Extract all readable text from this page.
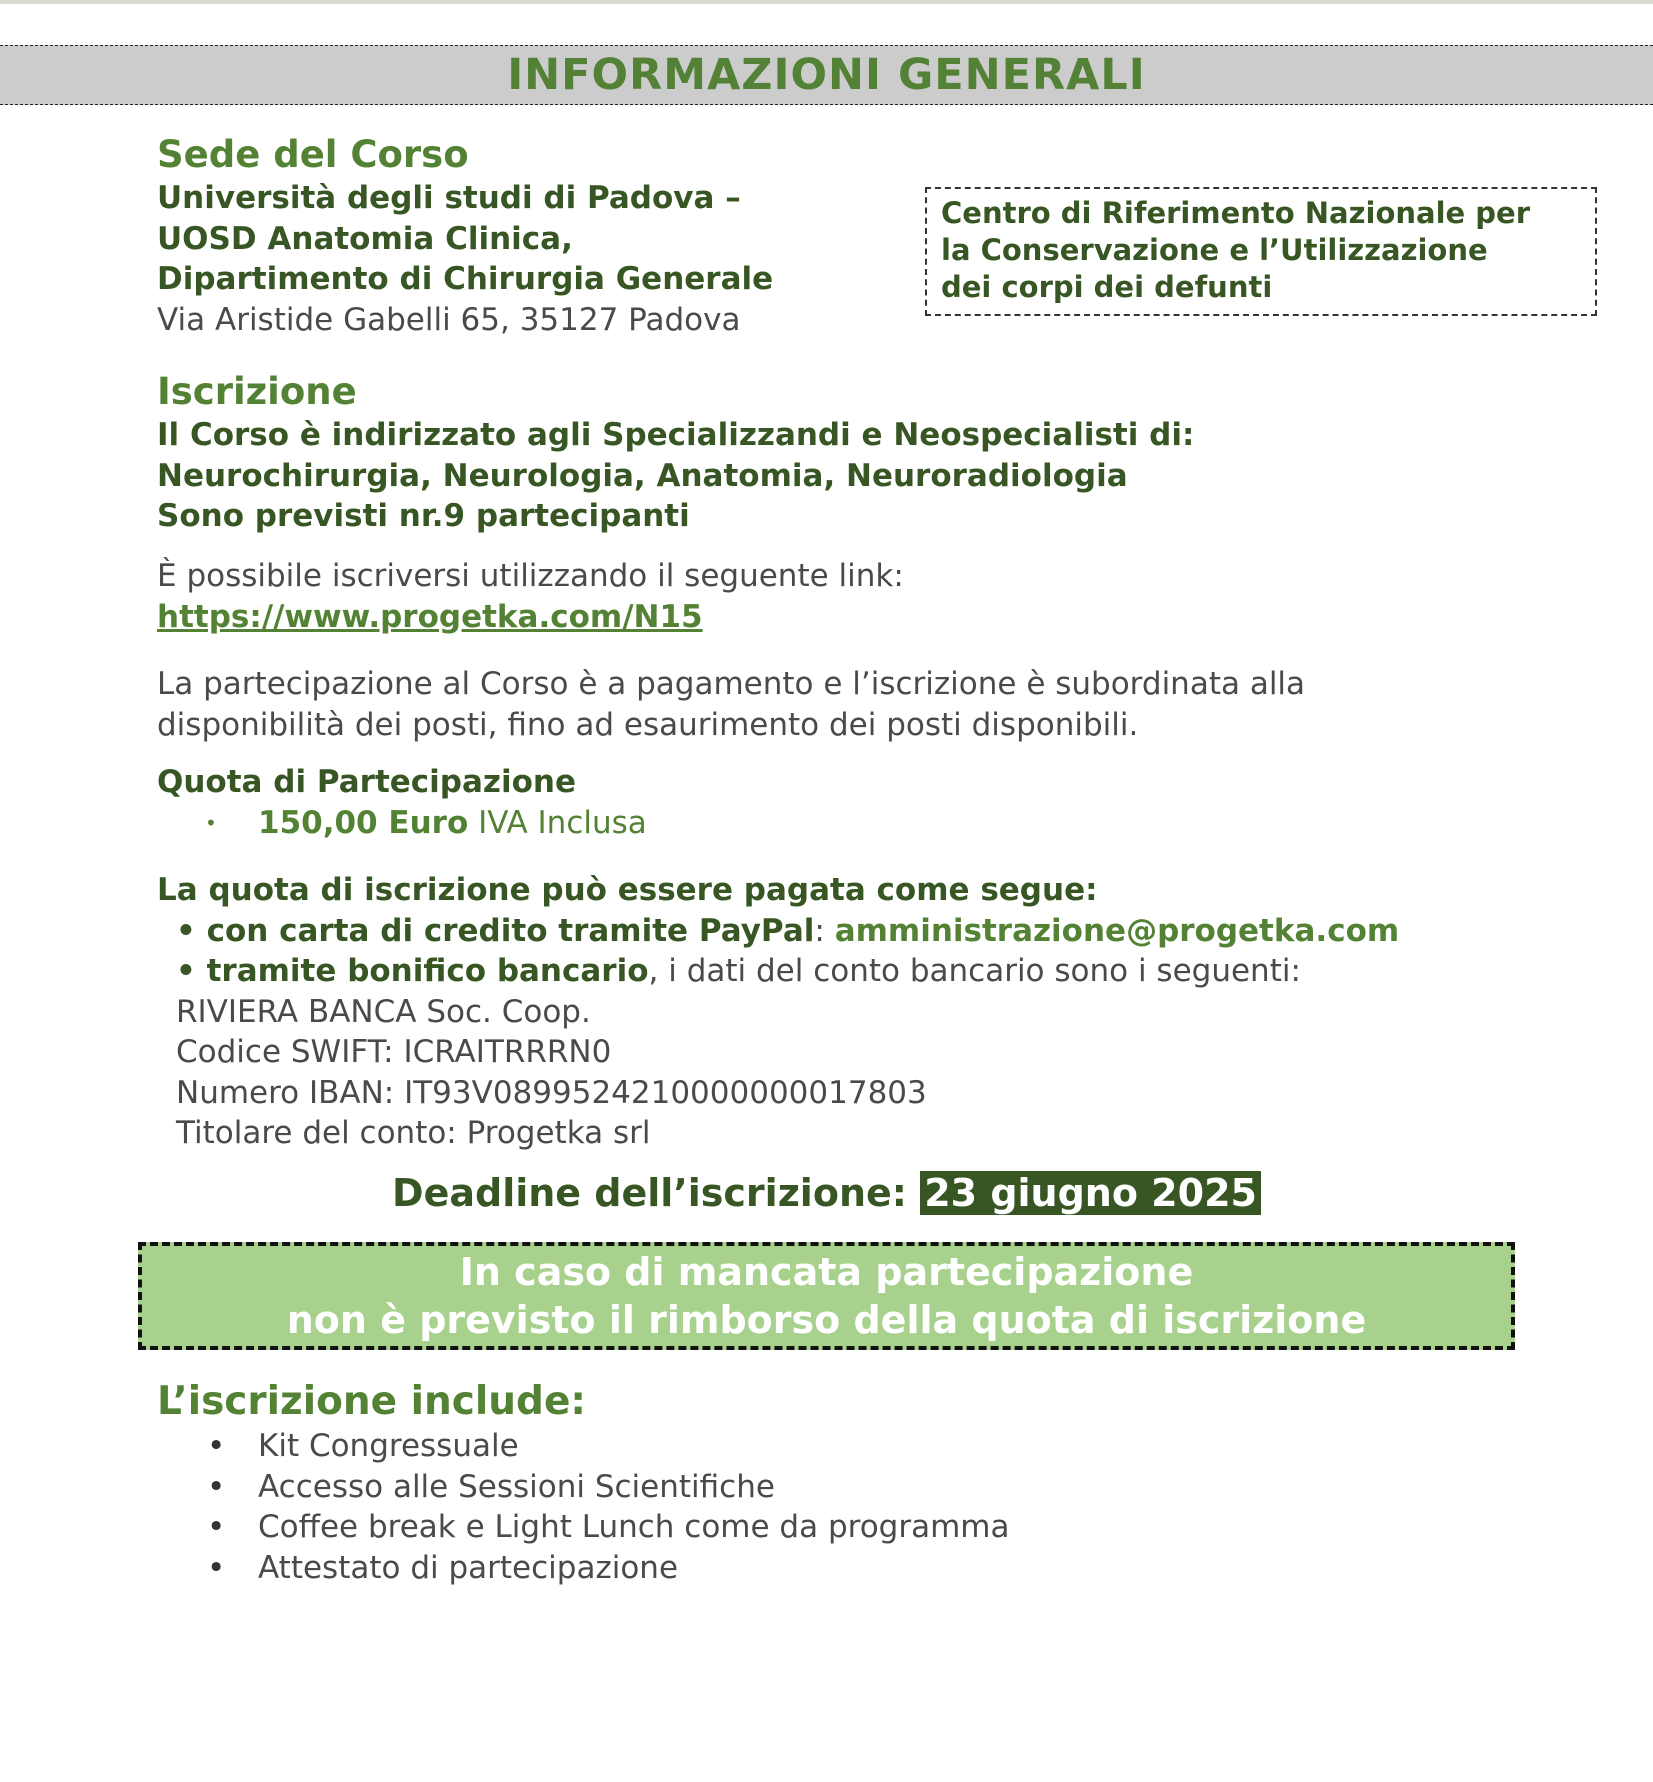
INFORMAZIONI GENERALI
Sede del Corso
Università degli studi di Padova –
UOSD Anatomia Clinica,
Dipartimento di Chirurgia Generale
Via Aristide Gabelli 65, 35127 Padova
Centro di Riferimento Nazionale per
la Conservazione e l’Utilizzazione
dei corpi dei defunti
Iscrizione
Il Corso è indirizzato agli Specializzandi e Neospecialisti di:
Neurochirurgia, Neurologia, Anatomia, Neuroradiologia
Sono previsti nr.9 partecipanti
È possibile iscriversi utilizzando il seguente link:
https://www.progetka.com/N15
La partecipazione al Corso è a pagamento e l’iscrizione è subordinata alla
disponibilità dei posti, fino ad esaurimento dei posti disponibili.
Quota di Partecipazione
• 150,00 Euro IVA Inclusa
La quota di iscrizione può essere pagata come segue:
• con carta di credito tramite PayPal: amministrazione@progetka.com
• tramite bonifico bancario, i dati del conto bancario sono i seguenti:
RIVIERA BANCA Soc. Coop.
Codice SWIFT: ICRAITRRRN0
Numero IBAN: IT93V0899524210000000017803
Titolare del conto: Progetka srl
Deadline dell’iscrizione: 23 giugno 2025
In caso di mancata partecipazione
non è previsto il rimborso della quota di iscrizione
L’iscrizione include:
• Kit Congressuale
• Accesso alle Sessioni Scientifiche
• Coffee break e Light Lunch come da programma
• Attestato di partecipazione
